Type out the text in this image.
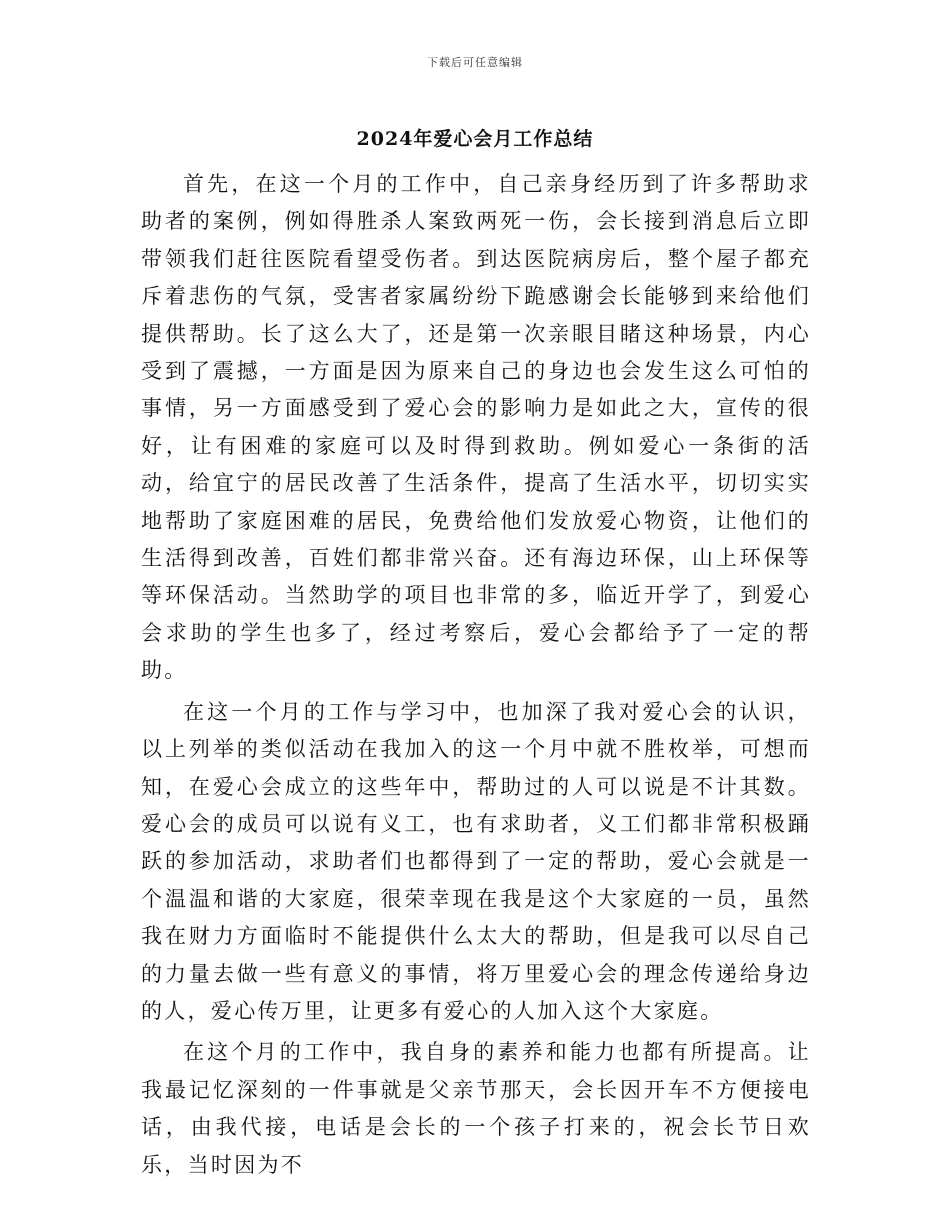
下载后可任意编辑
2024年爱心会月工作总结

首先，在这一个月的工作中，自己亲身经历到了许多帮助求助者的案例，例如得胜杀人案致两死一伤，会长接到消息后立即带领我们赶往医院看望受伤者。到达医院病房后，整个屋子都充斥着悲伤的气氛，受害者家属纷纷下跪感谢会长能够到来给他们提供帮助。长了这么大了，还是第一次亲眼目睹这种场景，内心受到了震撼，一方面是因为原来自己的身边也会发生这么可怕的事情，另一方面感受到了爱心会的影响力是如此之大，宣传的很好，让有困难的家庭可以及时得到救助。例如爱心一条街的活动，给宜宁的居民改善了生活条件，提高了生活水平，切切实实地帮助了家庭困难的居民，免费给他们发放爱心物资，让他们的生活得到改善，百姓们都非常兴奋。还有海边环保，山上环保等等环保活动。当然助学的项目也非常的多，临近开学了，到爱心会求助的学生也多了，经过考察后，爱心会都给予了一定的帮助。

在这一个月的工作与学习中，也加深了我对爱心会的认识，以上列举的类似活动在我加入的这一个月中就不胜枚举，可想而知，在爱心会成立的这些年中，帮助过的人可以说是不计其数。爱心会的成员可以说有义工，也有求助者，义工们都非常积极踊跃的参加活动，求助者们也都得到了一定的帮助，爱心会就是一个温温和谐的大家庭，很荣幸现在我是这个大家庭的一员，虽然我在财力方面临时不能提供什么太大的帮助，但是我可以尽自己的力量去做一些有意义的事情，将万里爱心会的理念传递给身边的人，爱心传万里，让更多有爱心的人加入这个大家庭。

在这个月的工作中，我自身的素养和能力也都有所提高。让我最记忆深刻的一件事就是父亲节那天，会长因开车不方便接电话，由我代接，电话是会长的一个孩子打来的，祝会长节日欢乐，当时因为不
